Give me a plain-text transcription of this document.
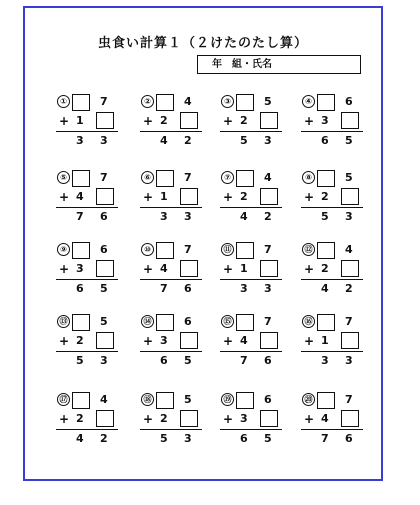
虫食い計算１（２けたのたし算）
年　組・氏名
①	7
+ 1
3 3
②	4
+ 2
4 2
③	5
+ 2
5 3
④	6
+ 3
6 5
⑤	7
+ 4
7 6
⑥	7
+ 1
3 3
⑦	4
+ 2
4 2
⑧	5
+ 2
5 3
⑨	6
+ 3
6 5
⑩	7
+ 4
7 6
⑪	7
+ 1
3 3
⑫	4
+ 2
4 2
⑬	5
+ 2
5 3
⑭	6
+ 3
6 5
⑮	7
+ 4
7 6
⑯	7
+ 1
3 3
⑰	4
+ 2
4 2
⑱	5
+ 2
5 3
⑲	6
+ 3
6 5
⑳	7
+ 4
7 6
